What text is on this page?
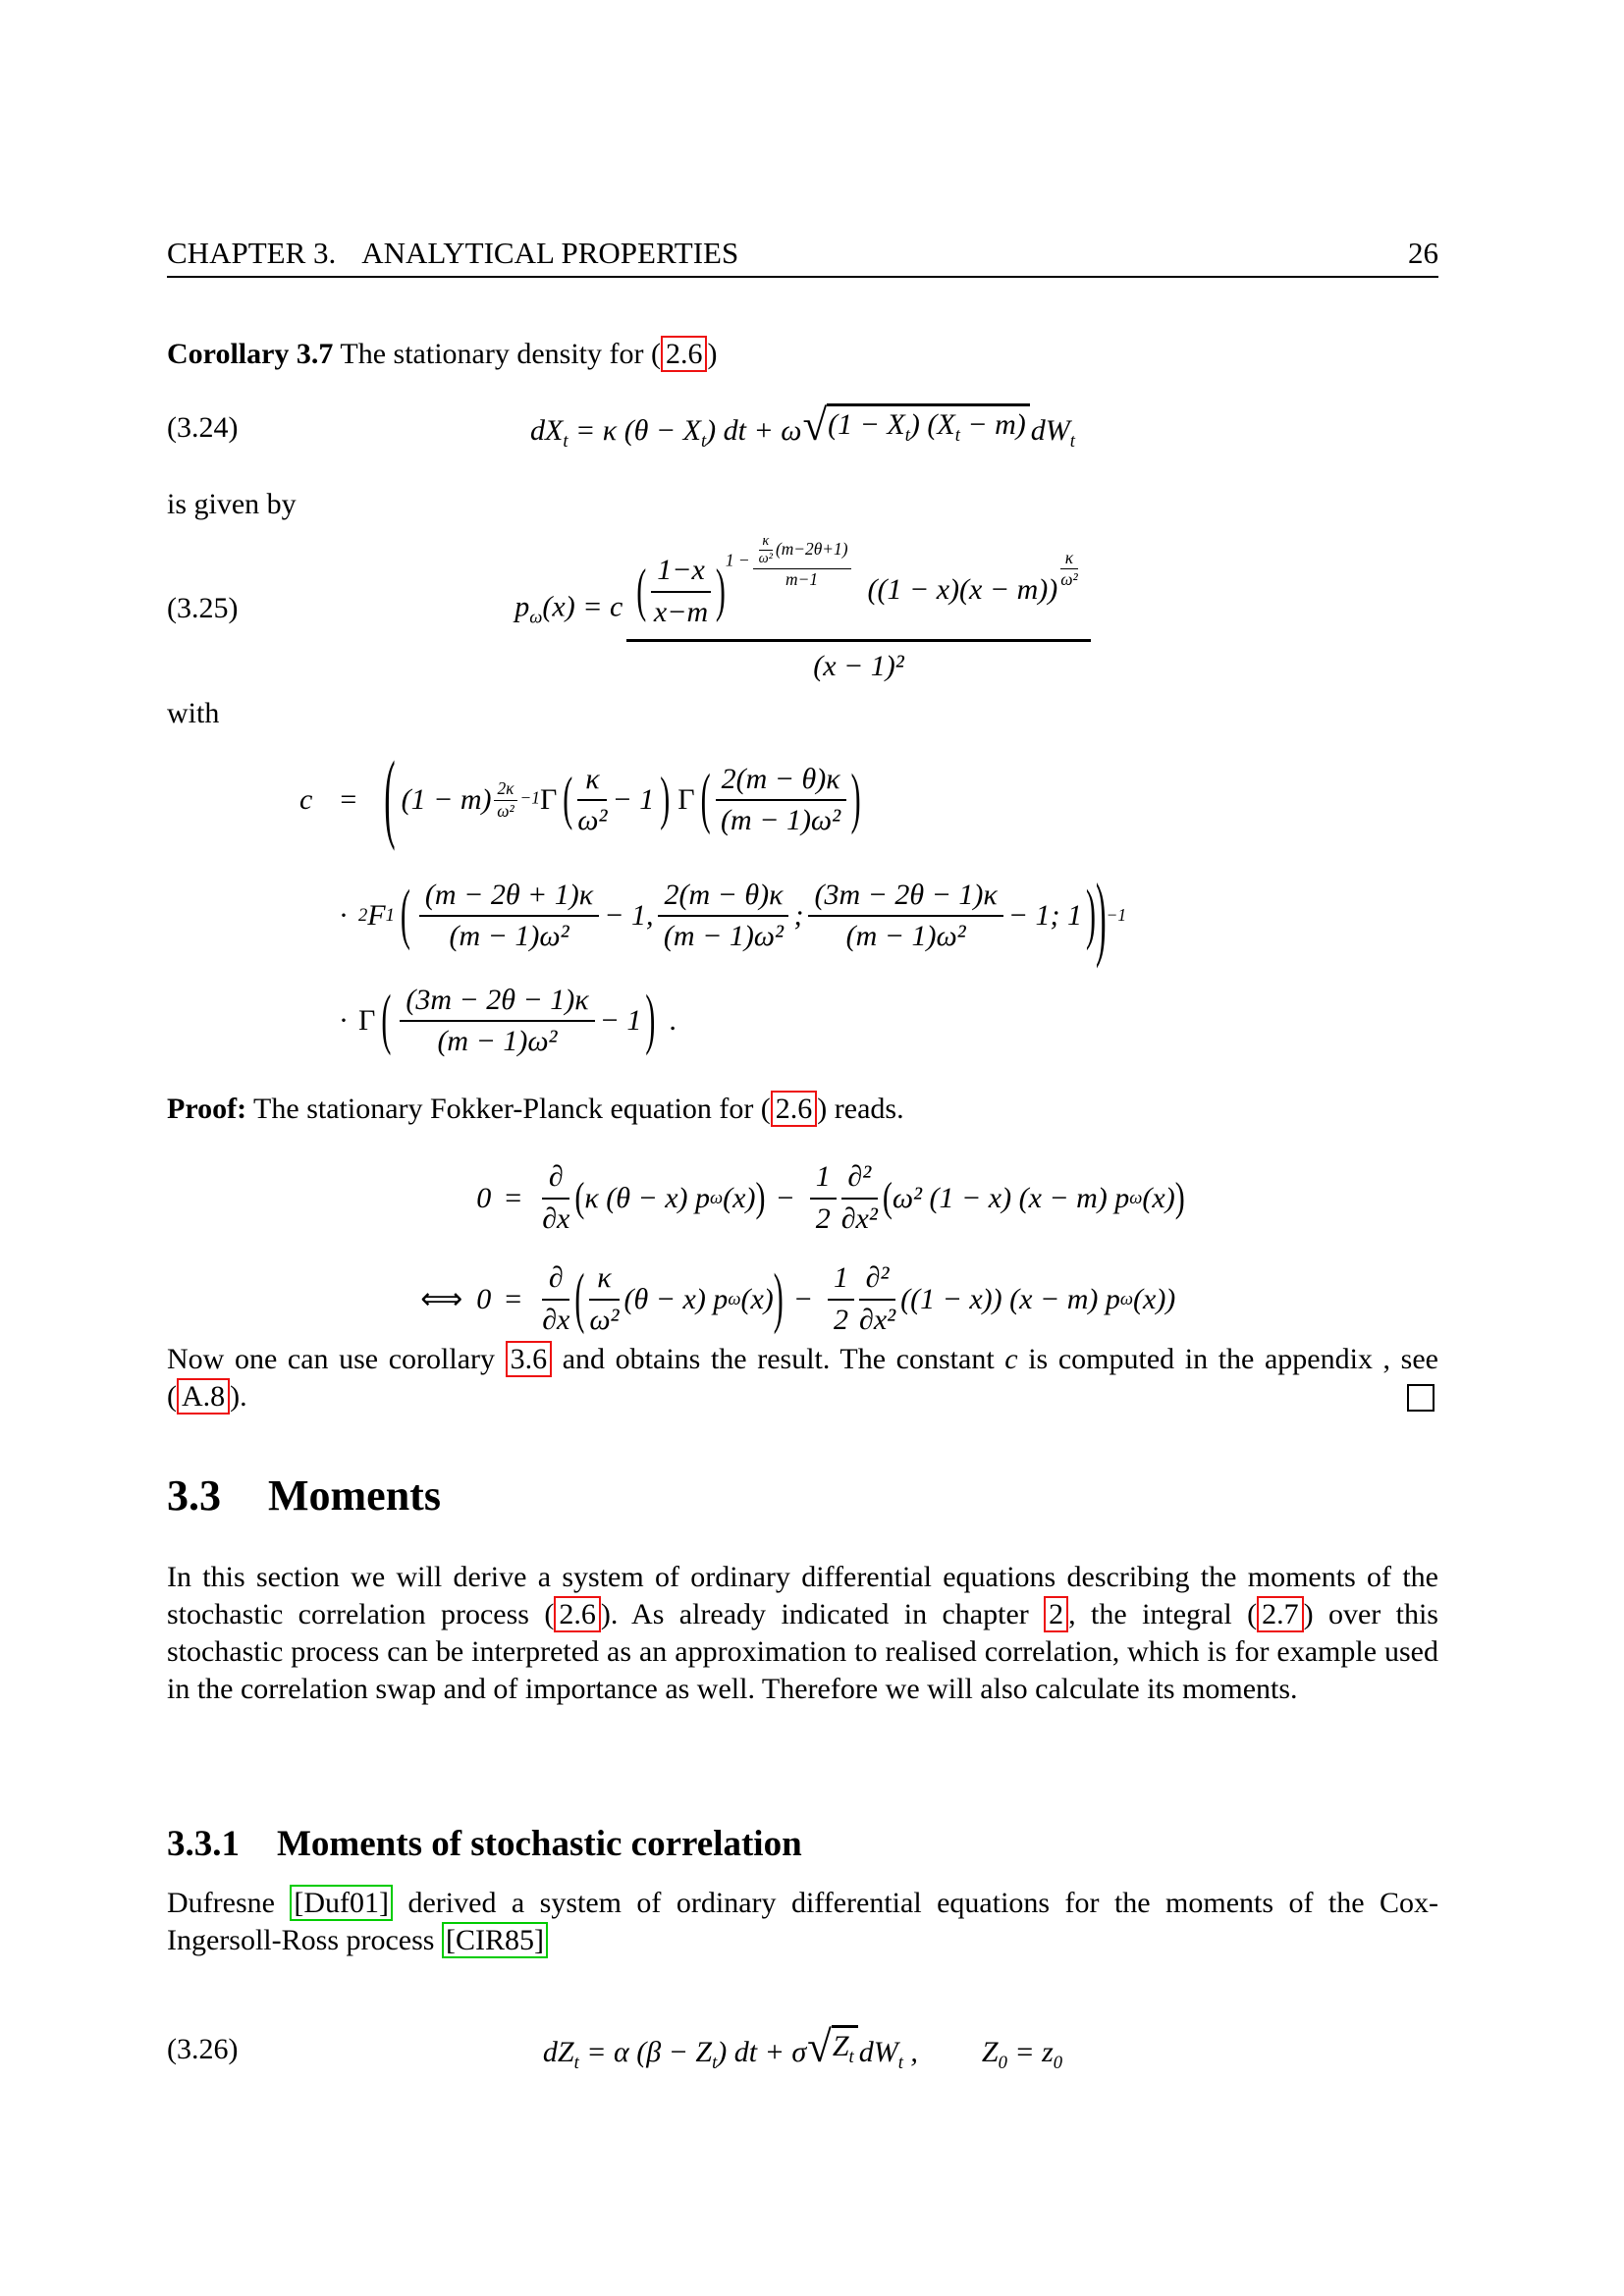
CHAPTER 3. ANALYTICAL PROPERTIES	26
Corollary 3.7 The stationary density for ( 2.6 )
(3.24)	$dX_t = \kappa$ $(\theta - X_t)$ dt + ω √ $(1 - X_t)$ $(X_t - m)$ $dW_t$
is given by
(3.25)	$p_\omega(x) = c$ ( $\frac{1-x}{x-m} )1 - \frac{\frac{\kappa}{\text{ω²}} (m-2\theta+1)}{m-1}$
$((1 - x)(x - m)) \frac{\kappa}{\text{ω²}}$
(x − 1)²
with
c = ( $(1 - m) \frac{2\kappa}{\text{ω²}} -1$ Γ ( $\frac{\kappa}{\text{ω²}} - 1$ ) Γ ( $\frac{2(m - \theta)\kappa}{\text{(m − 1)ω²}}$ )
· 2 F 1 ( $\frac{(m - 2\theta + 1)\kappa}{\text{(m − 1)ω²}} - 1$, $\frac{2(m - \theta)\kappa}{\text{(m − 1)ω²}}$ ; $\frac{(3m - 2\theta - 1)\kappa}{\text{(m − 1)ω²}} - 1$; 1 ) ) −1
· Γ ( $\frac{(3m - 2\theta - 1)\kappa}{\text{(m − 1)ω²}} - 1$ ) .
Proof: The stationary Fokker-Planck equation for ( 2.6 ) reads.
$0 = \frac{\partial}{\partial x}$ ( κ (θ − x) p ω (x) ) − $\frac{1}{2} \frac{\text{∂²}}{\text{∂x²}}$ ( ω² (1 − x) (x − m) p ω (x) )
⟺ $0 = \frac{\partial}{\partial x}$ ( $\frac{\kappa}{\text{ω²}} (\theta - x)$ p ω (x) ) − $\frac{1}{2} \frac{\text{∂²}}{\text{∂x²}} ((1 - x)) (x - m)$ p ω (x))
Now one can use corollary 3.6 and obtains the result. The constant c is computed in the appendix , see ( A.8 ).
3.3 Moments
In this section we will derive a system of ordinary differential equations describing the moments of the stochastic correlation process ( 2.6 ). As already indicated in chapter 2 , the integral ( 2.7 ) over this stochastic process can be interpreted as an approximation to realised correlation, which is for example used in the correlation swap and of importance as well. Therefore we will also calculate its moments.
3.3.1 Moments of stochastic correlation
Dufresne [Duf01] derived a system of ordinary differential equations for the moments of the Cox-Ingersoll-Ross process [CIR85]
(3.26)	$dZ_t = \alpha$ $(\beta - Z_t)$ dt + σ √ $Z_t$ $dW_t$ , $Z_0 = z_0$
